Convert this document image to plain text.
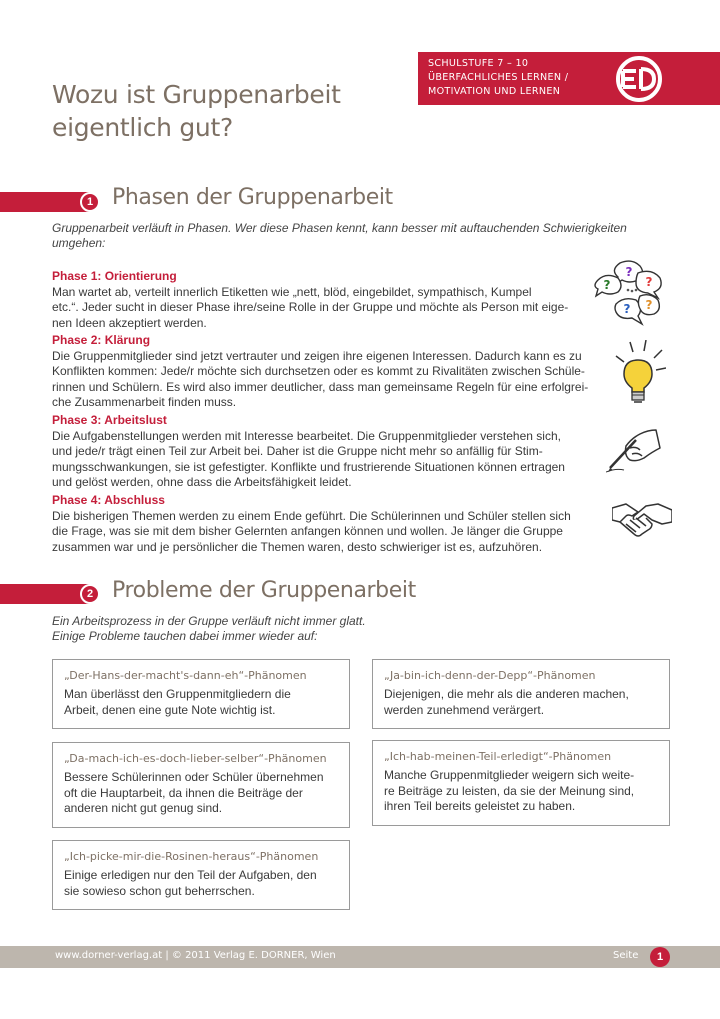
Wozu ist Gruppenarbeit
eigentlich gut?
SCHULSTUFE 7 – 10
ÜBERFACHLICHES LERNEN /
MOTIVATION UND LERNEN
1 Phasen der Gruppenarbeit
Gruppenarbeit verläuft in Phasen. Wer diese Phasen kennt, kann besser mit auftauchenden Schwierigkeiten umgehen:
Phase 1: Orientierung
Man wartet ab, verteilt innerlich Etiketten wie „nett, blöd, eingebildet, sympathisch, Kumpel
etc.“. Jeder sucht in dieser Phase ihre/seine Rolle in der Gruppe und möchte als Person mit eige-
nen Ideen akzeptiert werden.
Phase 2: Klärung
Die Gruppenmitglieder sind jetzt vertrauter und zeigen ihre eigenen Interessen. Dadurch kann es zu
Konflikten kommen: Jede/r möchte sich durchsetzen oder es kommt zu Rivalitäten zwischen Schüle-
rinnen und Schülern. Es wird also immer deutlicher, dass man gemeinsame Regeln für eine erfolgrei-
che Zusammenarbeit finden muss.
Phase 3: Arbeitslust
Die Aufgabenstellungen werden mit Interesse bearbeitet. Die Gruppenmitglieder verstehen sich,
und jede/r trägt einen Teil zur Arbeit bei. Daher ist die Gruppe nicht mehr so anfällig für Stim-
mungsschwankungen, sie ist gefestigter. Konflikte und frustrierende Situationen können ertragen
und gelöst werden, ohne dass die Arbeitsfähigkeit leidet.
Phase 4: Abschluss
Die bisherigen Themen werden zu einem Ende geführt. Die Schülerinnen und Schüler stellen sich
die Frage, was sie mit dem bisher Gelernten anfangen können und wollen. Je länger die Gruppe
zusammen war und je persönlicher die Themen waren, desto schwieriger ist es, aufzuhören.
?
?
?
? ?
2 Probleme der Gruppenarbeit
Ein Arbeitsprozess in der Gruppe verläuft nicht immer glatt.
Einige Probleme tauchen dabei immer wieder auf:
„Der-Hans-der-macht's-dann-eh“-Phänomen
Man überlässt den Gruppenmitgliedern die
Arbeit, denen eine gute Note wichtig ist.
„Ja-bin-ich-denn-der-Depp“-Phänomen
Diejenigen, die mehr als die anderen machen,
werden zunehmend verärgert.
„Da-mach-ich-es-doch-lieber-selber“-Phänomen
Bessere Schülerinnen oder Schüler übernehmen
oft die Hauptarbeit, da ihnen die Beiträge der
anderen nicht gut genug sind.
„Ich-hab-meinen-Teil-erledigt“-Phänomen
Manche Gruppenmitglieder weigern sich weite-
re Beiträge zu leisten, da sie der Meinung sind,
ihren Teil bereits geleistet zu haben.
„Ich-picke-mir-die-Rosinen-heraus“-Phänomen
Einige erledigen nur den Teil der Aufgaben, den
sie sowieso schon gut beherrschen.
www.dorner-verlag.at | © 2011 Verlag E. DORNER, Wien	Seite	1
